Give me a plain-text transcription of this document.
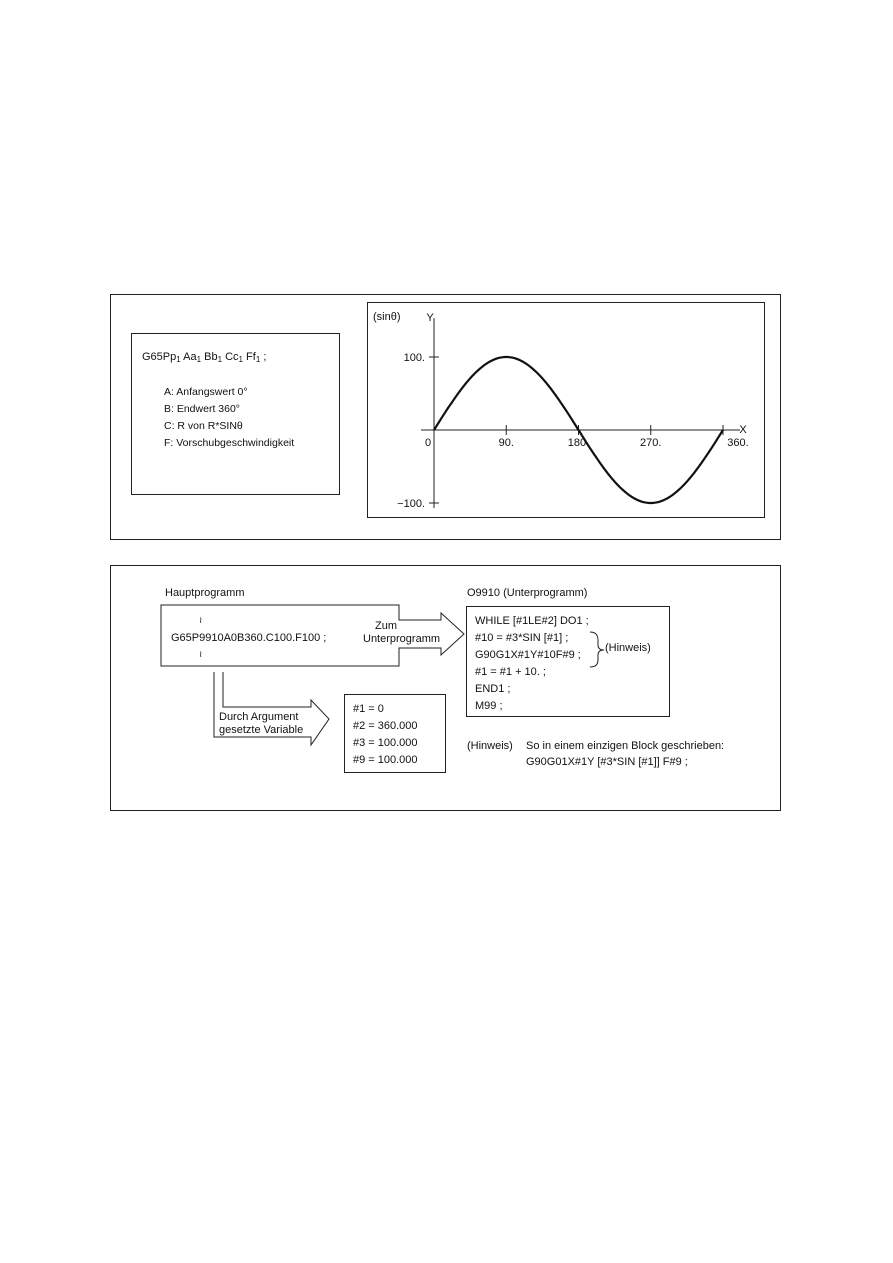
$G65Pp_1$ $Aa_1$ $Bb_1$ $Cc_1$ $Ff_1$ ;
A: Anfangswert 0°
B: Endwert 360°
C: R von R*SINθ
F: Vorschubgeschwindigkeit	90.	180.	270.	360.
100.
−100.
Y
X
0
(sinθ)
Hauptprogramm
≀
G65P9910A0B360.C100.F100 ;
≀
Zum
Unterprogramm
O9910 (Unterprogramm)
WHILE [#1LE#2] DO1 ;
#10 = #3*SIN [#1] ;
G90G1X#1Y#10F#9 ;
#1 = #1 + 10. ;
END1 ;
M99 ;
(Hinweis)
Durch Argument
gesetzte Variable
#1 = 0
#2 = 360.000
#3 = 100.000
#9 = 100.000
(Hinweis) So in einem einzigen Block geschrieben:
G90G01X#1Y [#3*SIN [#1]] F#9 ;
